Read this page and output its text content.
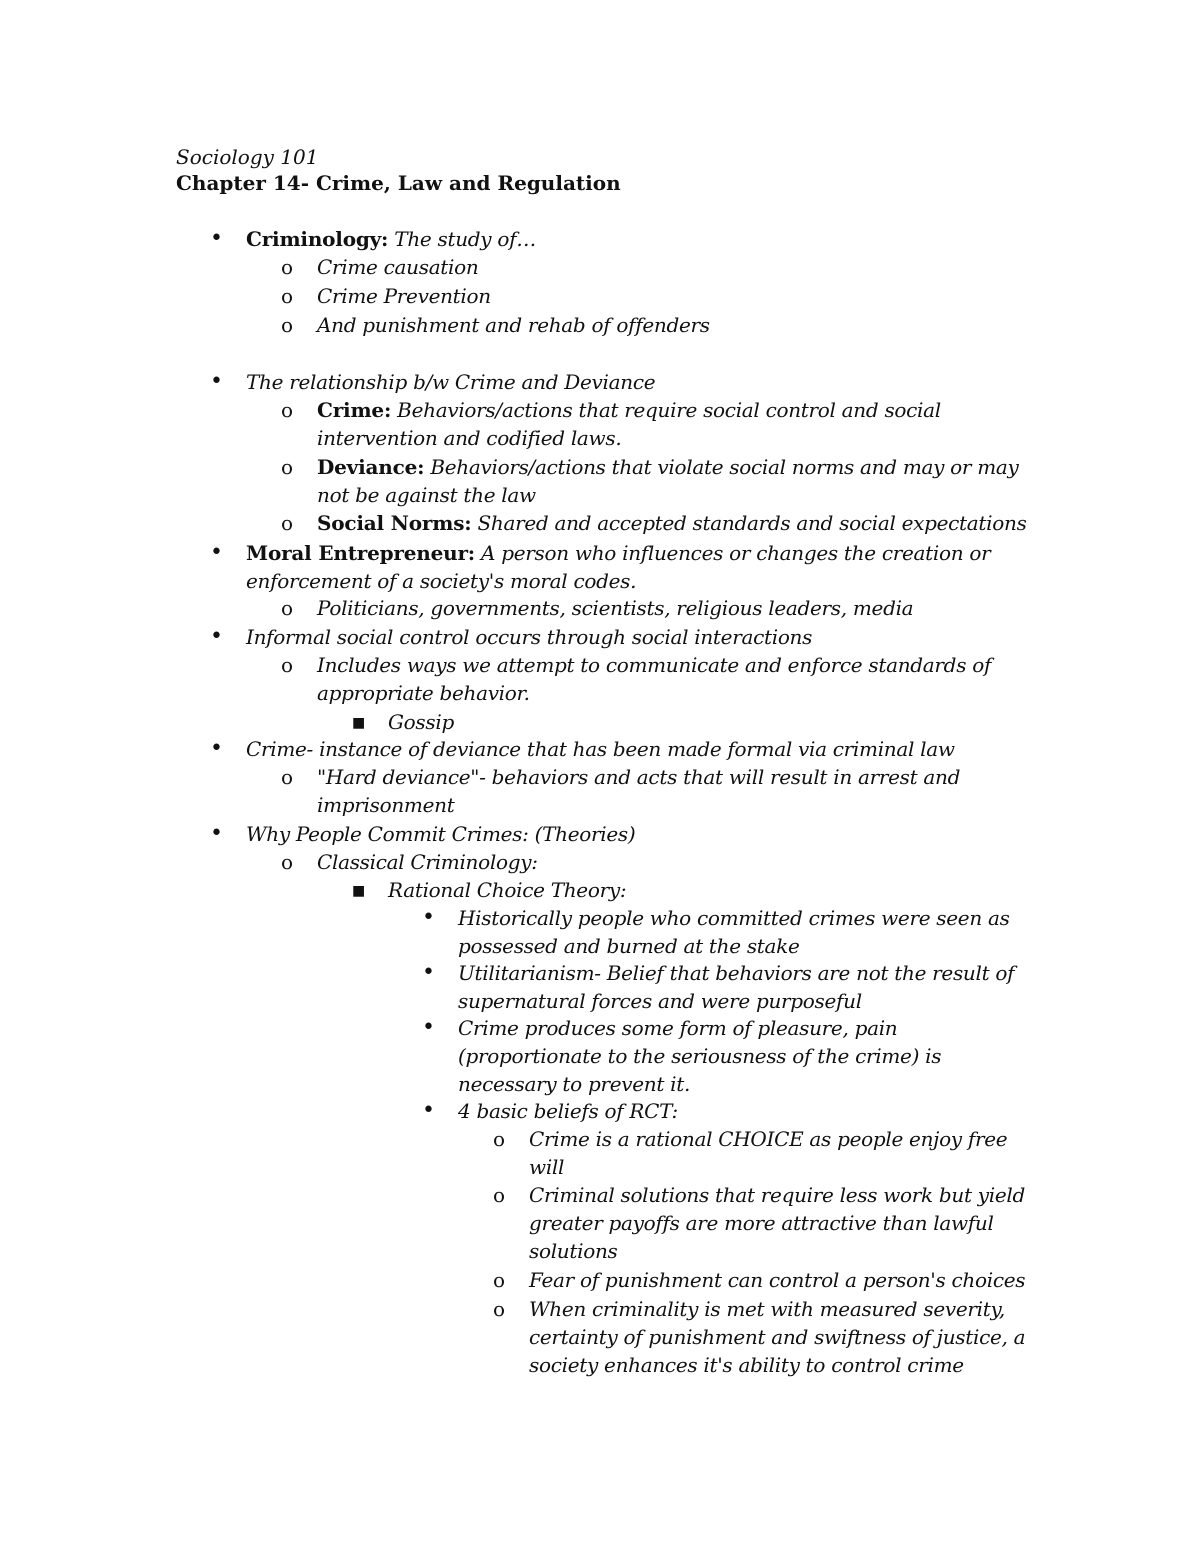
Sociology 101
Chapter 14- Crime, Law and Regulation
• Criminology: The study of…
o Crime causation
o Crime Prevention
o And punishment and rehab of offenders
• The relationship b/w Crime and Deviance
o Crime: Behaviors/actions that require social control and social intervention and codified laws.
o Deviance: Behaviors/actions that violate social norms and may or may not be against the law
o Social Norms: Shared and accepted standards and social expectations
• Moral Entrepreneur: A person who influences or changes the creation or enforcement of a society's moral codes.
o Politicians, governments, scientists, religious leaders, media
• Informal social control occurs through social interactions
o Includes ways we attempt to communicate and enforce standards of appropriate behavior.
■ Gossip
• Crime- instance of deviance that has been made formal via criminal law
o "Hard deviance"- behaviors and acts that will result in arrest and imprisonment
• Why People Commit Crimes: (Theories)
o Classical Criminology:
■ Rational Choice Theory:
• Historically people who committed crimes were seen as possessed and burned at the stake
• Utilitarianism- Belief that behaviors are not the result of supernatural forces and were purposeful
• Crime produces some form of pleasure, pain (proportionate to the seriousness of the crime) is necessary to prevent it.
• 4 basic beliefs of RCT:
o Crime is a rational CHOICE as people enjoy free will
o Criminal solutions that require less work but yield greater payoffs are more attractive than lawful solutions
o Fear of punishment can control a person's choices
o When criminality is met with measured severity, certainty of punishment and swiftness of justice, a society enhances it's ability to control crime
